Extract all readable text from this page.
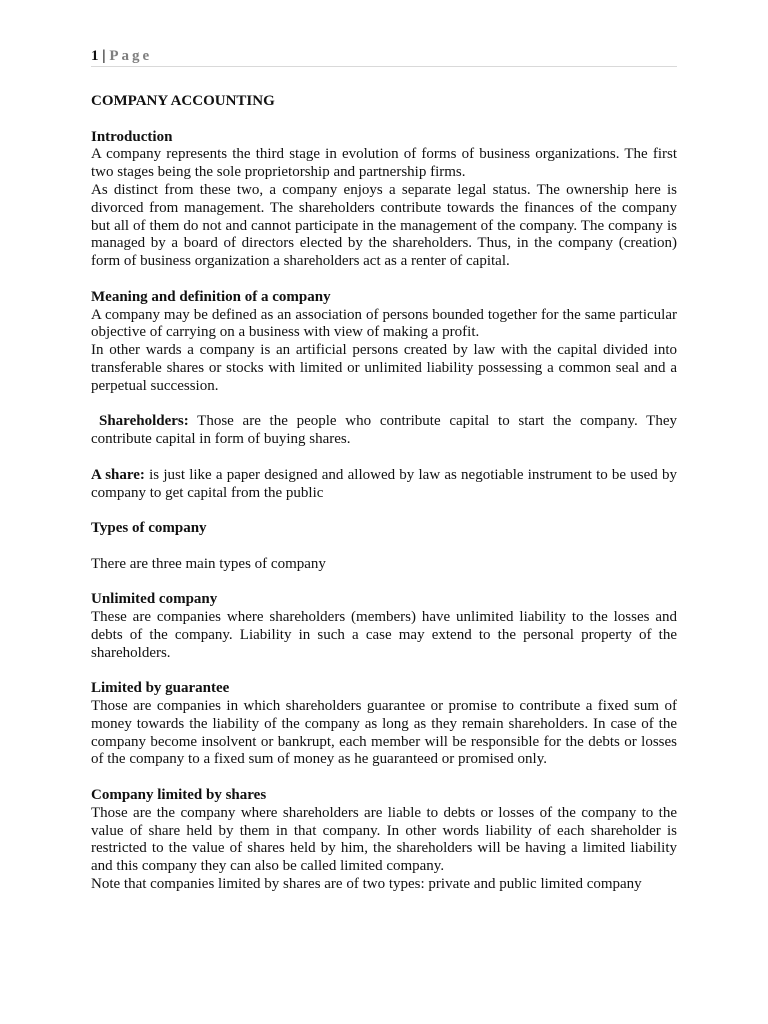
1 | Page

COMPANY ACCOUNTING

Introduction

A company represents the third stage in evolution of forms of business organizations. The first two stages being the sole proprietorship and partnership firms.

As distinct from these two, a company enjoys a separate legal status. The ownership here is divorced from management. The shareholders contribute towards the finances of the company but all of them do not and cannot participate in the management of the company. The company is managed by a board of directors elected by the shareholders. Thus, in the company (creation) form of business organization a shareholders act as a renter of capital.

Meaning and definition of a company

A company may be defined as an association of persons bounded together for the same particular objective of carrying on a business with view of making a profit.

In other wards a company is an artificial persons created by law with the capital divided into transferable shares or stocks with limited or unlimited liability possessing a common seal and a perpetual succession.

Shareholders: Those are the people who contribute capital to start the company. They contribute capital in form of buying shares.

A share: is just like a paper designed and allowed by law as negotiable instrument to be used by company to get capital from the public

Types of company

There are three main types of company

Unlimited company

These are companies where shareholders (members) have unlimited liability to the losses and debts of the company. Liability in such a case may extend to the personal property of the shareholders.

Limited by guarantee

Those are companies in which shareholders guarantee or promise to contribute a fixed sum of money towards the liability of the company as long as they remain shareholders. In case of the company become insolvent or bankrupt, each member will be responsible for the debts or losses of the company to a fixed sum of money as he guaranteed or promised only.

Company limited by shares

Those are the company where shareholders are liable to debts or losses of the company to the value of share held by them in that company. In other words liability of each shareholder is restricted to the value of shares held by him, the shareholders will be having a limited liability and this company they can also be called limited company.

Note that companies limited by shares are of two types: private and public limited company
